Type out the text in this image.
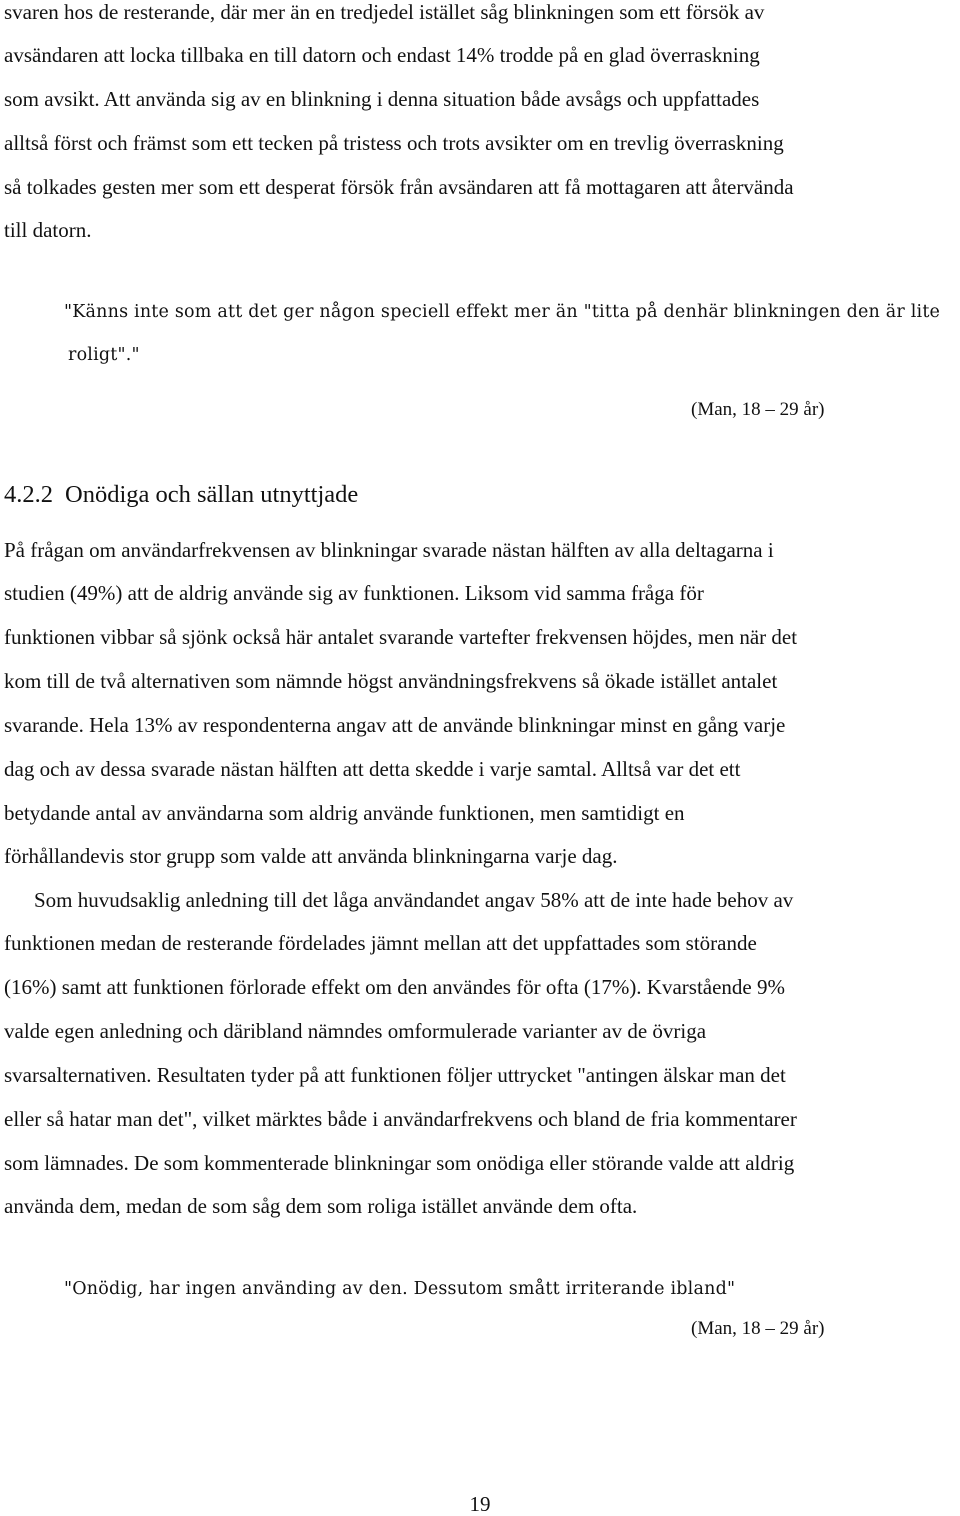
svaren hos de resterande, där mer än en tredjedel istället såg blinkningen som ett försök av
avsändaren att locka tillbaka en till datorn och endast 14% trodde på en glad överraskning
som avsikt. Att använda sig av en blinkning i denna situation både avsågs och uppfattades
alltså först och främst som ett tecken på tristess och trots avsikter om en trevlig överraskning
så tolkades gesten mer som ett desperat försök från avsändaren att få mottagaren att återvända
till datorn.
"Känns inte som att det ger någon speciell effekt mer än "titta på denhär blinkningen den är lite
roligt"."
(Man, 18 – 29 år)
4.2.2 Onödiga och sällan utnyttjade
På frågan om användarfrekvensen av blinkningar svarade nästan hälften av alla deltagarna i
studien (49%) att de aldrig använde sig av funktionen. Liksom vid samma fråga för
funktionen vibbar så sjönk också här antalet svarande vartefter frekvensen höjdes, men när det
kom till de två alternativen som nämnde högst användningsfrekvens så ökade istället antalet
svarande. Hela 13% av respondenterna angav att de använde blinkningar minst en gång varje
dag och av dessa svarade nästan hälften att detta skedde i varje samtal. Alltså var det ett
betydande antal av användarna som aldrig använde funktionen, men samtidigt en
förhållandevis stor grupp som valde att använda blinkningarna varje dag.
Som huvudsaklig anledning till det låga användandet angav 58% att de inte hade behov av
funktionen medan de resterande fördelades jämnt mellan att det uppfattades som störande
(16%) samt att funktionen förlorade effekt om den användes för ofta (17%). Kvarstående 9%
valde egen anledning och däribland nämndes omformulerade varianter av de övriga
svarsalternativen. Resultaten tyder på att funktionen följer uttrycket "antingen älskar man det
eller så hatar man det", vilket märktes både i användarfrekvens och bland de fria kommentarer
som lämnades. De som kommenterade blinkningar som onödiga eller störande valde att aldrig
använda dem, medan de som såg dem som roliga istället använde dem ofta.
"Onödig, har ingen använding av den. Dessutom smått irriterande ibland"
(Man, 18 – 29 år)
19
